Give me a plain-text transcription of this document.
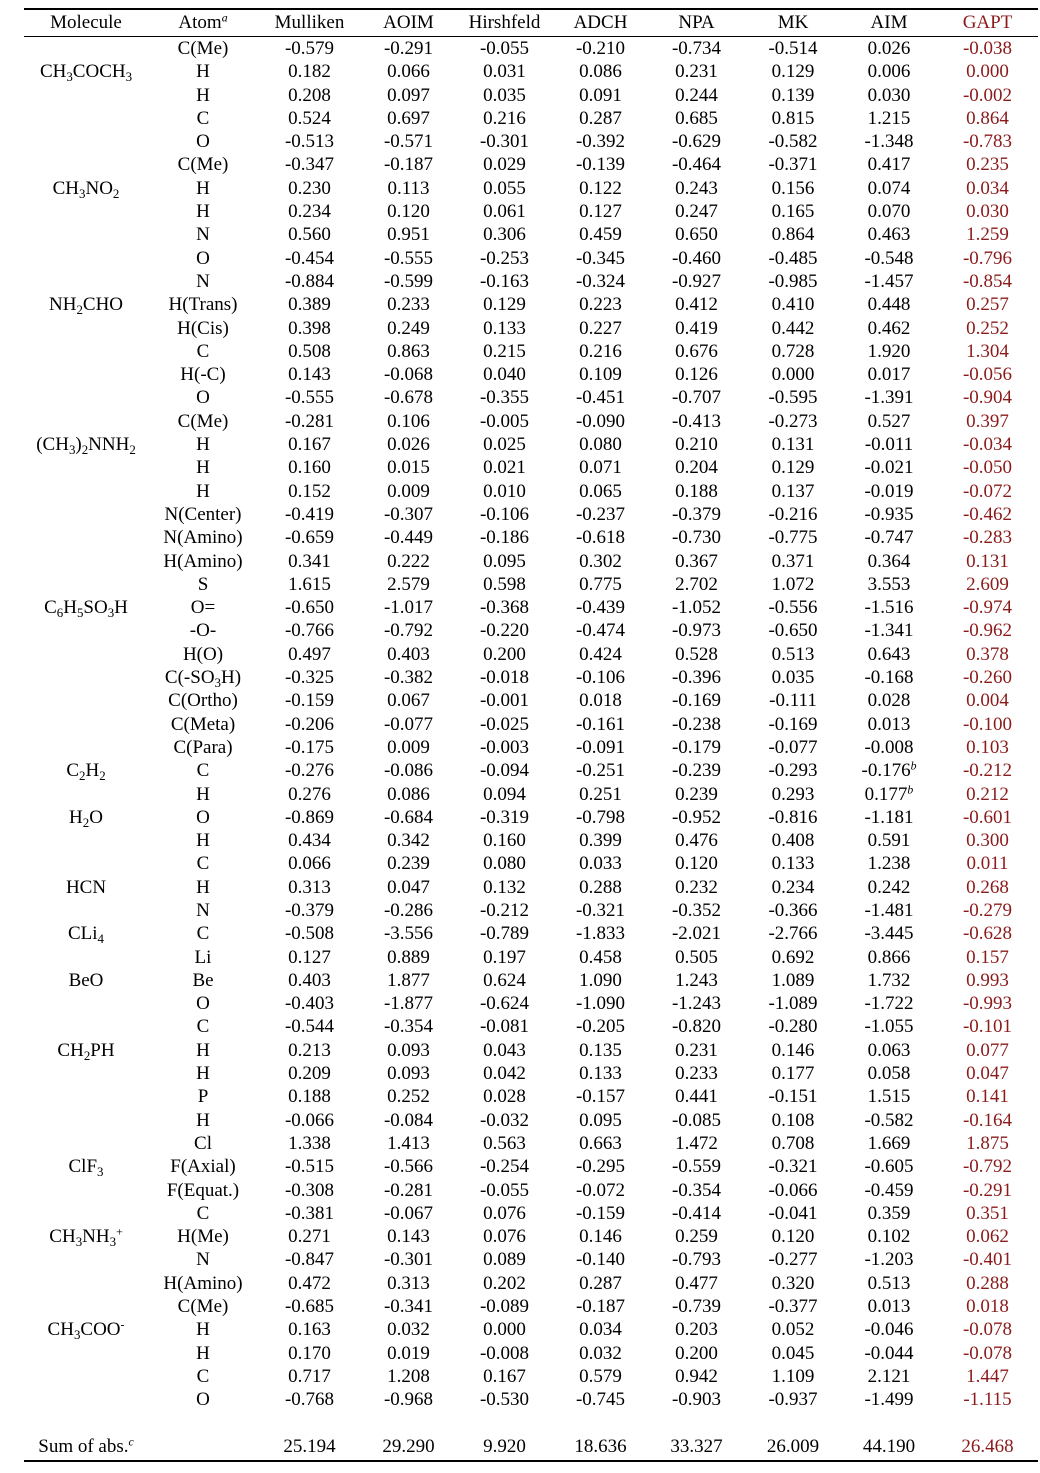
Molecule	Atom$^a$	Mulliken	AOIM	Hirshfeld	ADCH	NPA	MK	AIM	GAPT
	C(Me)	-0.579	-0.291	-0.055	-0.210	-0.734	-0.514	0.026	-0.038
$CH_3COCH_3$	H	0.182	0.066	0.031	0.086	0.231	0.129	0.006	0.000
	H	0.208	0.097	0.035	0.091	0.244	0.139	0.030	-0.002
	C	0.524	0.697	0.216	0.287	0.685	0.815	1.215	0.864
	O	-0.513	-0.571	-0.301	-0.392	-0.629	-0.582	-1.348	-0.783
	C(Me)	-0.347	-0.187	0.029	-0.139	-0.464	-0.371	0.417	0.235
$CH_3NO_2$	H	0.230	0.113	0.055	0.122	0.243	0.156	0.074	0.034
	H	0.234	0.120	0.061	0.127	0.247	0.165	0.070	0.030
	N	0.560	0.951	0.306	0.459	0.650	0.864	0.463	1.259
	O	-0.454	-0.555	-0.253	-0.345	-0.460	-0.485	-0.548	-0.796
	N	-0.884	-0.599	-0.163	-0.324	-0.927	-0.985	-1.457	-0.854
$NH_2CHO$	H(Trans)	0.389	0.233	0.129	0.223	0.412	0.410	0.448	0.257
	H(Cis)	0.398	0.249	0.133	0.227	0.419	0.442	0.462	0.252
	C	0.508	0.863	0.215	0.216	0.676	0.728	1.920	1.304
	H(-C)	0.143	-0.068	0.040	0.109	0.126	0.000	0.017	-0.056
	O	-0.555	-0.678	-0.355	-0.451	-0.707	-0.595	-1.391	-0.904
	C(Me)	-0.281	0.106	-0.005	-0.090	-0.413	-0.273	0.527	0.397
$(CH_3)_2NNH_2$	H	0.167	0.026	0.025	0.080	0.210	0.131	-0.011	-0.034
	H	0.160	0.015	0.021	0.071	0.204	0.129	-0.021	-0.050
	H	0.152	0.009	0.010	0.065	0.188	0.137	-0.019	-0.072
	N(Center)	-0.419	-0.307	-0.106	-0.237	-0.379	-0.216	-0.935	-0.462
	N(Amino)	-0.659	-0.449	-0.186	-0.618	-0.730	-0.775	-0.747	-0.283
	H(Amino)	0.341	0.222	0.095	0.302	0.367	0.371	0.364	0.131
	S	1.615	2.579	0.598	0.775	2.702	1.072	3.553	2.609
$C_6H_5SO_3H$	O=	-0.650	-1.017	-0.368	-0.439	-1.052	-0.556	-1.516	-0.974
	-O-	-0.766	-0.792	-0.220	-0.474	-0.973	-0.650	-1.341	-0.962
	H(O)	0.497	0.403	0.200	0.424	0.528	0.513	0.643	0.378
	$C(-SO_3H)$	-0.325	-0.382	-0.018	-0.106	-0.396	0.035	-0.168	-0.260
	C(Ortho)	-0.159	0.067	-0.001	0.018	-0.169	-0.111	0.028	0.004
	C(Meta)	-0.206	-0.077	-0.025	-0.161	-0.238	-0.169	0.013	-0.100
	C(Para)	-0.175	0.009	-0.003	-0.091	-0.179	-0.077	-0.008	0.103
$C_2H_2$	C	-0.276	-0.086	-0.094	-0.251	-0.239	-0.293	-0.176$^b$	-0.212
	H	0.276	0.086	0.094	0.251	0.239	0.293	0.177$^b$	0.212
$H_2O$	O	-0.869	-0.684	-0.319	-0.798	-0.952	-0.816	-1.181	-0.601
	H	0.434	0.342	0.160	0.399	0.476	0.408	0.591	0.300
	C	0.066	0.239	0.080	0.033	0.120	0.133	1.238	0.011
HCN	H	0.313	0.047	0.132	0.288	0.232	0.234	0.242	0.268
	N	-0.379	-0.286	-0.212	-0.321	-0.352	-0.366	-1.481	-0.279
CLi$_4$	C	-0.508	-3.556	-0.789	-1.833	-2.021	-2.766	-3.445	-0.628
	Li	0.127	0.889	0.197	0.458	0.505	0.692	0.866	0.157
BeO	Be	0.403	1.877	0.624	1.090	1.243	1.089	1.732	0.993
	O	-0.403	-1.877	-0.624	-1.090	-1.243	-1.089	-1.722	-0.993
	C	-0.544	-0.354	-0.081	-0.205	-0.820	-0.280	-1.055	-0.101
$CH_2PH$	H	0.213	0.093	0.043	0.135	0.231	0.146	0.063	0.077
	H	0.209	0.093	0.042	0.133	0.233	0.177	0.058	0.047
	P	0.188	0.252	0.028	-0.157	0.441	-0.151	1.515	0.141
	H	-0.066	-0.084	-0.032	0.095	-0.085	0.108	-0.582	-0.164
	Cl	1.338	1.413	0.563	0.663	1.472	0.708	1.669	1.875
ClF$_3$	F(Axial)	-0.515	-0.566	-0.254	-0.295	-0.559	-0.321	-0.605	-0.792
	F(Equat.)	-0.308	-0.281	-0.055	-0.072	-0.354	-0.066	-0.459	-0.291
	C	-0.381	-0.067	0.076	-0.159	-0.414	-0.041	0.359	0.351
$CH_3NH_3^+$	H(Me)	0.271	0.143	0.076	0.146	0.259	0.120	0.102	0.062
	N	-0.847	-0.301	0.089	-0.140	-0.793	-0.277	-1.203	-0.401
	H(Amino)	0.472	0.313	0.202	0.287	0.477	0.320	0.513	0.288
	C(Me)	-0.685	-0.341	-0.089	-0.187	-0.739	-0.377	0.013	0.018
$CH_3COO^-$	H	0.163	0.032	0.000	0.034	0.203	0.052	-0.046	-0.078
	H	0.170	0.019	-0.008	0.032	0.200	0.045	-0.044	-0.078
	C	0.717	1.208	0.167	0.579	0.942	1.109	2.121	1.447
	O	-0.768	-0.968	-0.530	-0.745	-0.903	-0.937	-1.499	-1.115

Sum of abs.$^c$		25.194	29.290	9.920	18.636	33.327	26.009	44.190	26.468
